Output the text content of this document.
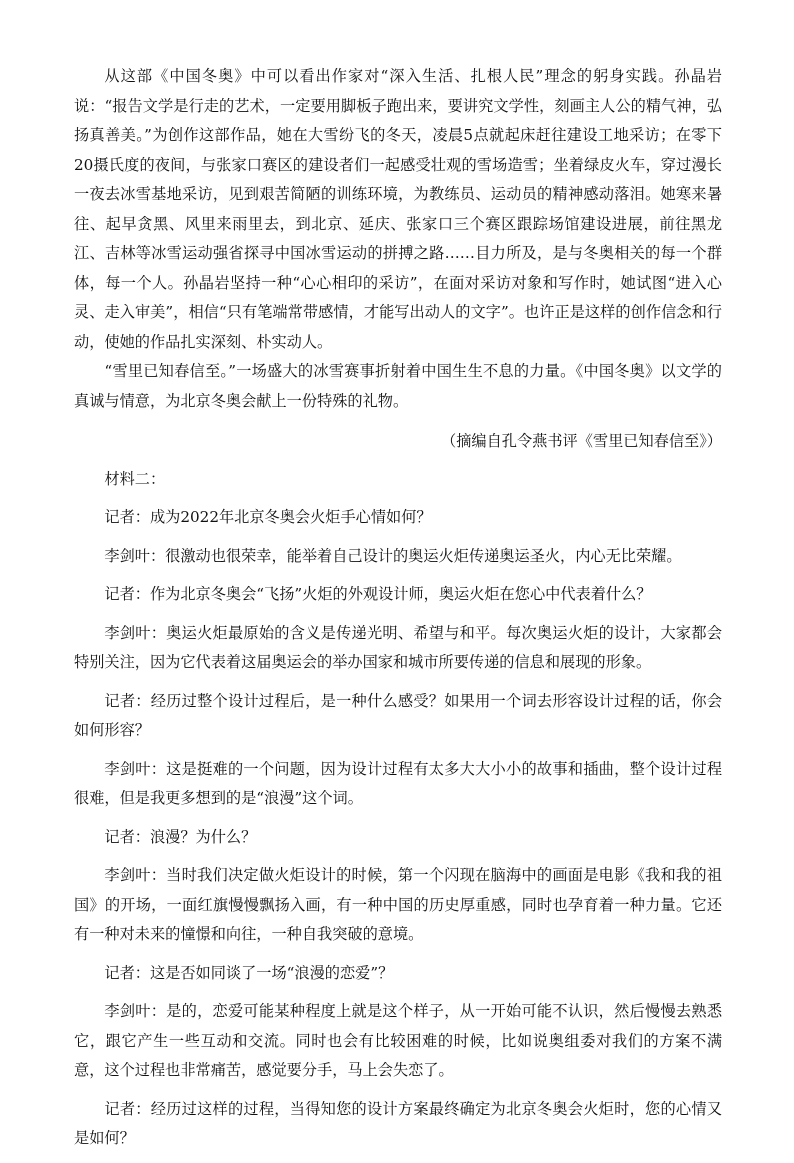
从这部《中国冬奥》中可以看出作家对“深入生活、扎根人民”理念的躬身实践。孙晶岩说：“报告文学是行走的艺术，一定要用脚板子跑出来，要讲究文学性，刻画主人公的精气神，弘扬真善美。”为创作这部作品，她在大雪纷飞的冬天，凌晨5点就起床赶往建设工地采访；在零下20摄氏度的夜间，与张家口赛区的建设者们一起感受壮观的雪场造雪；坐着绿皮火车，穿过漫长一夜去冰雪基地采访，见到艰苦简陋的训练环境，为教练员、运动员的精神感动落泪。她寒来暑往、起早贪黑、风里来雨里去，到北京、延庆、张家口三个赛区跟踪场馆建设进展，前往黑龙江、吉林等冰雪运动强省探寻中国冰雪运动的拼搏之路……目力所及，是与冬奥相关的每一个群体，每一个人。孙晶岩坚持一种“心心相印的采访”，在面对采访对象和写作时，她试图“进入心灵、走入审美”，相信“只有笔端常带感情，才能写出动人的文字”。也许正是这样的创作信念和行动，使她的作品扎实深刻、朴实动人。

“雪里已知春信至。”一场盛大的冰雪赛事折射着中国生生不息的力量。《中国冬奥》以文学的真诚与情意，为北京冬奥会献上一份特殊的礼物。

（摘编自孔令燕书评《雪里已知春信至》）

材料二：

记者：成为2022年北京冬奥会火炬手心情如何？

李剑叶：很激动也很荣幸，能举着自己设计的奥运火炬传递奥运圣火，内心无比荣耀。

记者：作为北京冬奥会“飞扬”火炬的外观设计师，奥运火炬在您心中代表着什么？

李剑叶：奥运火炬最原始的含义是传递光明、希望与和平。每次奥运火炬的设计，大家都会特别关注，因为它代表着这届奥运会的举办国家和城市所要传递的信息和展现的形象。

记者：经历过整个设计过程后，是一种什么感受？如果用一个词去形容设计过程的话，你会如何形容？

李剑叶：这是挺难的一个问题，因为设计过程有太多大大小小的故事和插曲，整个设计过程很难，但是我更多想到的是“浪漫”这个词。

记者：浪漫？为什么？

李剑叶：当时我们决定做火炬设计的时候，第一个闪现在脑海中的画面是电影《我和我的祖国》的开场，一面红旗慢慢飘扬入画，有一种中国的历史厚重感，同时也孕育着一种力量。它还有一种对未来的憧憬和向往，一种自我突破的意境。

记者：这是否如同谈了一场“浪漫的恋爱”？

李剑叶：是的，恋爱可能某种程度上就是这个样子，从一开始可能不认识，然后慢慢去熟悉它，跟它产生一些互动和交流。同时也会有比较困难的时候，比如说奥组委对我们的方案不满意，这个过程也非常痛苦，感觉要分手，马上会失恋了。

记者：经历过这样的过程，当得知您的设计方案最终确定为北京冬奥会火炬时，您的心情又是如何？
